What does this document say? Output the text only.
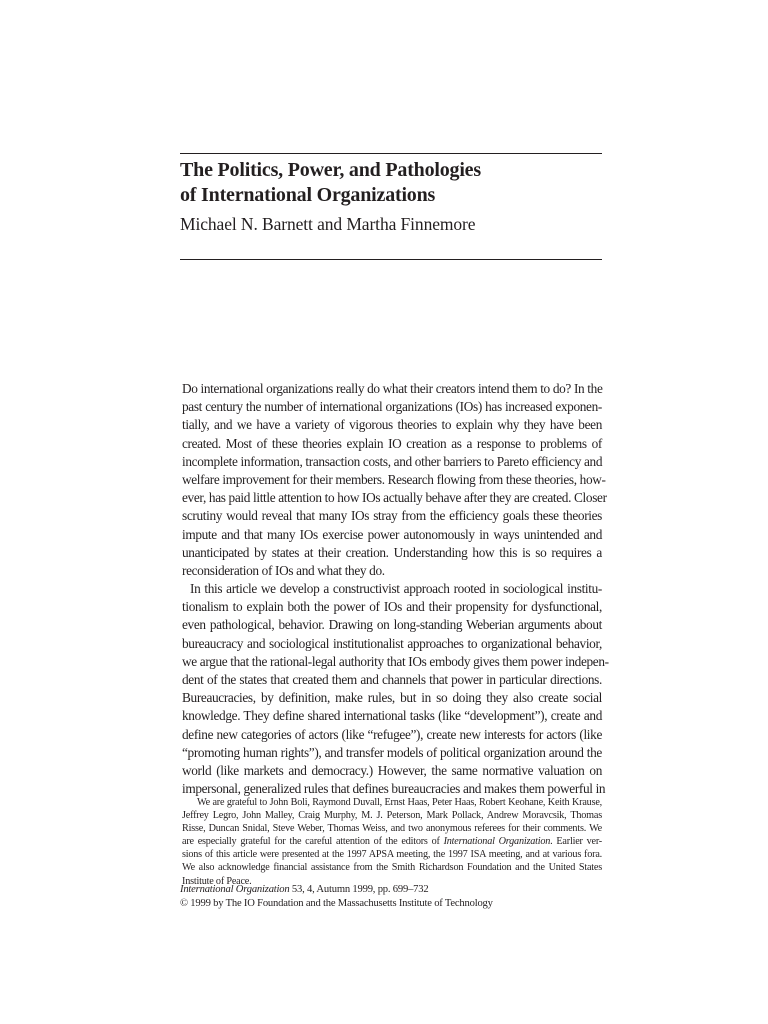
The Politics, Power, and Pathologies
of International Organizations

Michael N. Barnett and Martha Finnemore

Do international organizations really do what their creators intend them to do? In the
past century the number of international organizations (IOs) has increased exponen-
tially, and we have a variety of vigorous theories to explain why they have been
created. Most of these theories explain IO creation as a response to problems of
incomplete information, transaction costs, and other barriers to Pareto efficiency and
welfare improvement for their members. Research flowing from these theories, how-
ever, has paid little attention to how IOs actually behave after they are created. Closer
scrutiny would reveal that many IOs stray from the efficiency goals these theories
impute and that many IOs exercise power autonomously in ways unintended and
unanticipated by states at their creation. Understanding how this is so requires a
reconsideration of IOs and what they do.
In this article we develop a constructivist approach rooted in sociological institu-
tionalism to explain both the power of IOs and their propensity for dysfunctional,
even pathological, behavior. Drawing on long-standing Weberian arguments about
bureaucracy and sociological institutionalist approaches to organizational behavior,
we argue that the rational-legal authority that IOs embody gives them power indepen-
dent of the states that created them and channels that power in particular directions.
Bureaucracies, by definition, make rules, but in so doing they also create social
knowledge. They define shared international tasks (like “development”), create and
define new categories of actors (like “refugee”), create new interests for actors (like
“promoting human rights”), and transfer models of political organization around the
world (like markets and democracy.) However, the same normative valuation on
impersonal, generalized rules that defines bureaucracies and makes them powerful in
We are grateful to John Boli, Raymond Duvall, Ernst Haas, Peter Haas, Robert Keohane, Keith Krause,
Jeffrey Legro, John Malley, Craig Murphy, M. J. Peterson, Mark Pollack, Andrew Moravcsik, Thomas
Risse, Duncan Snidal, Steve Weber, Thomas Weiss, and two anonymous referees for their comments. We
are especially grateful for the careful attention of the editors of International Organization. Earlier ver-
sions of this article were presented at the 1997 APSA meeting, the 1997 ISA meeting, and at various fora.
We also acknowledge financial assistance from the Smith Richardson Foundation and the United States
Institute of Peace.
International Organization 53, 4, Autumn 1999, pp. 699–732
© 1999 by The IO Foundation and the Massachusetts Institute of Technology
